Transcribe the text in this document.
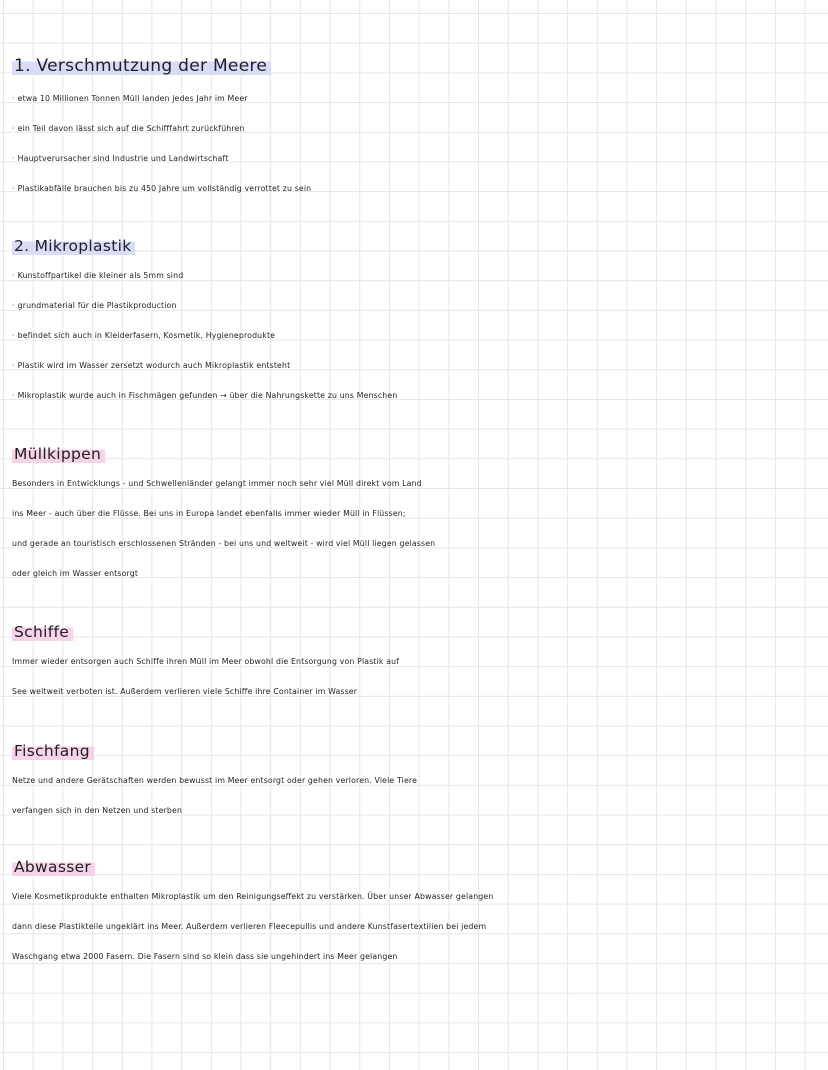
1. Verschmutzung der Meere

· etwa 10 Millionen Tonnen Müll landen jedes Jahr im Meer

· ein Teil davon lässt sich auf die Schifffahrt zurückführen

· Hauptverursacher sind Industrie und Landwirtschaft

· Plastikabfälle brauchen bis zu 450 Jahre um vollständig verrottet zu sein

2. Mikroplastik

· Kunstoffpartikel die kleiner als 5mm sind

· grundmaterial für die Plastikproduction

· befindet sich auch in Kleiderfasern, Kosmetik, Hygieneprodukte

· Plastik wird im Wasser zersetzt wodurch auch Mikroplastik entsteht

· Mikroplastik wurde auch in Fischmägen gefunden → über die Nahrungskette zu uns Menschen

Müllkippen

Besonders in Entwicklungs - und Schwellenländer gelangt immer noch sehr viel Müll direkt vom Land

ins Meer - auch über die Flüsse. Bei uns in Europa landet ebenfalls immer wieder Müll in Flüssen;

und gerade an touristisch erschlossenen Stränden - bei uns und weltweit - wird viel Müll liegen gelassen

oder gleich im Wasser entsorgt

Schiffe

Immer wieder entsorgen auch Schiffe ihren Müll im Meer obwohl die Entsorgung von Plastik auf

See weltweit verboten ist. Außerdem verlieren viele Schiffe ihre Container im Wasser

Fischfang

Netze und andere Gerätschaften werden bewusst im Meer entsorgt oder gehen verloren. Viele Tiere

verfangen sich in den Netzen und sterben

Abwasser

Viele Kosmetikprodukte enthalten Mikroplastik um den Reinigungseffekt zu verstärken. Über unser Abwasser gelangen

dann diese Plastikteile ungeklärt ins Meer. Außerdem verlieren Fleecepullis und andere Kunstfasertextilien bei jedem

Waschgang etwa 2000 Fasern. Die Fasern sind so klein dass sie ungehindert ins Meer gelangen
